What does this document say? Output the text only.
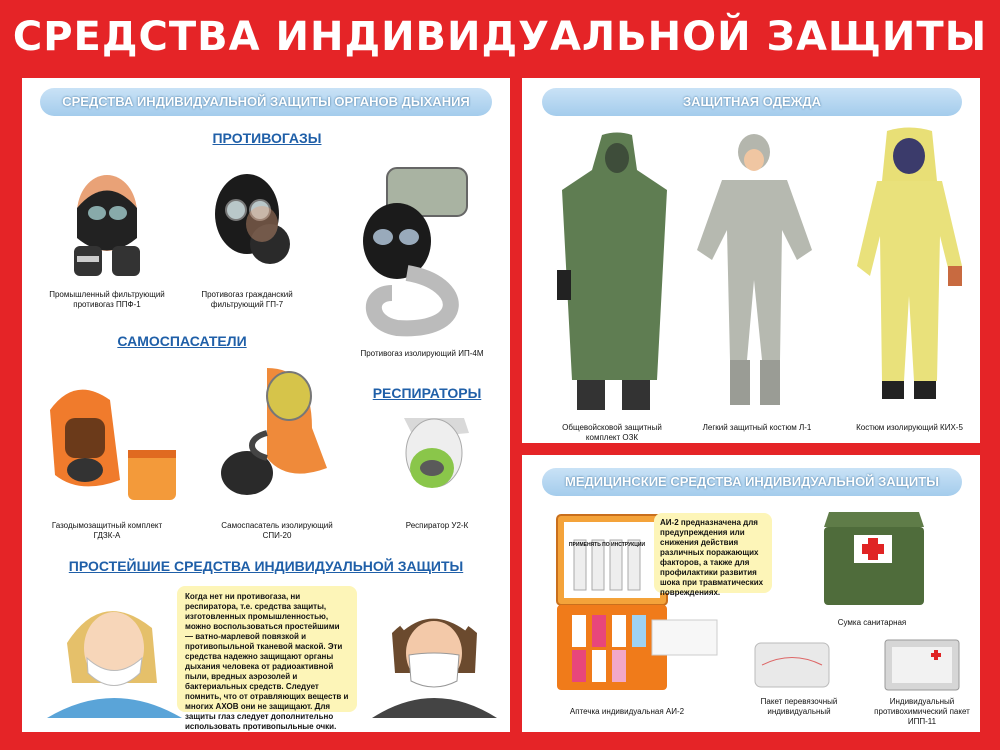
СРЕДСТВА ИНДИВИДУАЛЬНОЙ ЗАЩИТЫ
СРЕДСТВА ИНДИВИДУАЛЬНОЙ ЗАЩИТЫ ОРГАНОВ ДЫХАНИЯ
ПРОТИВОГАЗЫ
Промышленный фильтрующий противогаз ППФ-1
Противогаз гражданский фильтрующий ГП-7
Противогаз изолирующий ИП-4М
САМОСПАСАТЕЛИ
РЕСПИРАТОРЫ
Газодымозащитный комплект ГДЗК-А
Самоспасатель изолирующий СПИ-20
Респиратор У2-К
ПРОСТЕЙШИЕ СРЕДСТВА ИНДИВИДУАЛЬНОЙ ЗАЩИТЫ
Когда нет ни противогаза, ни респиратора, т.е. средства защиты, изготовленных промышленностью, можно воспользоваться простейшими — ватно-марлевой повязкой и противопыльной тканевой маской. Эти средства надежно защищают органы дыхания человека от радиоактивной пыли, вредных аэрозолей и бактериальных средств. Следует помнить, что от отравляющих веществ и многих АХОВ они не защищают. Для защиты глаз следует дополнительно использовать противопыльные очки.
ЗАЩИТНАЯ ОДЕЖДА
Общевойсковой защитный комплект ОЗК
Легкий защитный костюм Л-1	Костюм изолирующий КИХ-5
МЕДИЦИНСКИЕ СРЕДСТВА ИНДИВИДУАЛЬНОЙ ЗАЩИТЫ
ПРИМЕНЯТЬ ПО ИНСТРУКЦИИ
Аптечка индивидуальная АИ-2
АИ-2 предназначена для предупреждения или снижения действия различных поражающих факторов, а также для профилактики развития шока при травматических повреждениях.
Сумка санитарная
Пакет перевязочный индивидуальный
Индивидуальный противохимический пакет ИПП-11
